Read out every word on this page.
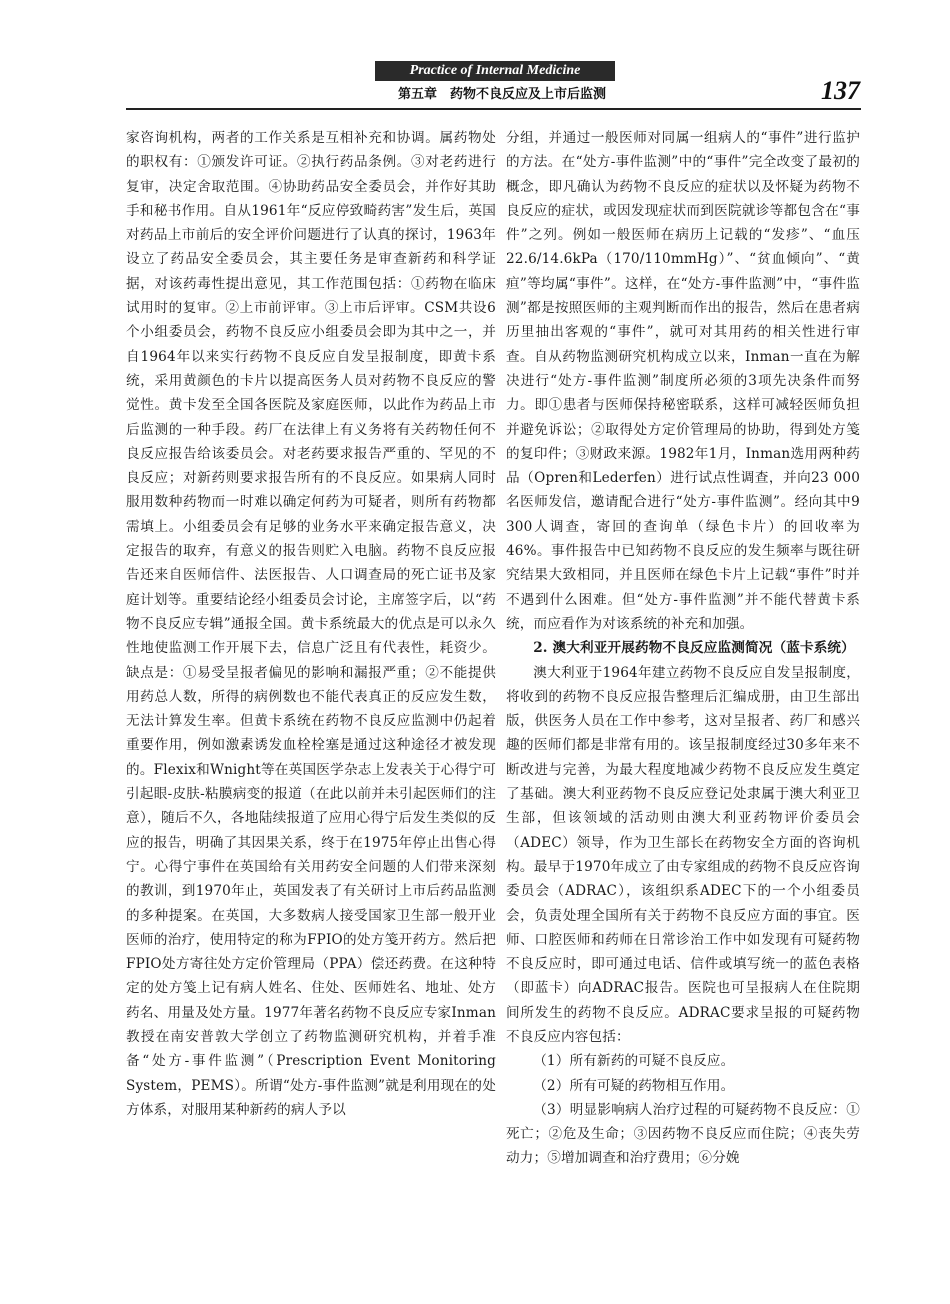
Practice of Internal Medicine
第五章　药物不良反应及上市后监测	137

家咨询机构，两者的工作关系是互相补充和协调。属药物处的职权有：①颁发许可证。②执行药品条例。③对老药进行复审，决定舍取范围。④协助药品安全委员会，并作好其助手和秘书作用。自从1961年“反应停致畸药害”发生后，英国对药品上市前后的安全评价问题进行了认真的探讨，1963年设立了药品安全委员会，其主要任务是审查新药和科学证据，对该药毒性提出意见，其工作范围包括：①药物在临床试用时的复审。②上市前评审。③上市后评审。CSM共设6个小组委员会，药物不良反应小组委员会即为其中之一，并自1964年以来实行药物不良反应自发呈报制度，即黄卡系统，采用黄颜色的卡片以提高医务人员对药物不良反应的警觉性。黄卡发至全国各医院及家庭医师，以此作为药品上市后监测的一种手段。药厂在法律上有义务将有关药物任何不良反应报告给该委员会。对老药要求报告严重的、罕见的不良反应；对新药则要求报告所有的不良反应。如果病人同时服用数种药物而一时难以确定何药为可疑者，则所有药物都需填上。小组委员会有足够的业务水平来确定报告意义，决定报告的取弃，有意义的报告则贮入电脑。药物不良反应报告还来自医师信件、法医报告、人口调查局的死亡证书及家庭计划等。重要结论经小组委员会讨论，主席签字后，以“药物不良反应专辑”通报全国。黄卡系统最大的优点是可以永久性地使监测工作开展下去，信息广泛且有代表性，耗资少。缺点是：①易受呈报者偏见的影响和漏报严重；②不能提供用药总人数，所得的病例数也不能代表真正的反应发生数，无法计算发生率。但黄卡系统在药物不良反应监测中仍起着重要作用，例如激素诱发血栓栓塞是通过这种途径才被发现的。Flexix和Wnight等在英国医学杂志上发表关于心得宁可引起眼-皮肤-粘膜病变的报道（在此以前并未引起医师们的注意），随后不久，各地陆续报道了应用心得宁后发生类似的反应的报告，明确了其因果关系，终于在1975年停止出售心得宁。心得宁事件在英国给有关用药安全问题的人们带来深刻的教训，到1970年止，英国发表了有关研讨上市后药品监测的多种提案。在英国，大多数病人接受国家卫生部一般开业医师的治疗，使用特定的称为FPIO的处方笺开药方。然后把FPIO处方寄往处方定价管理局（PPA）偿还药费。在这种特定的处方笺上记有病人姓名、住处、医师姓名、地址、处方药名、用量及处方量。1977年著名药物不良反应专家Inman教授在南安普敦大学创立了药物监测研究机构，并着手准备“处方-事件监测”（Prescription Event Monitoring System，PEMS）。所谓“处方-事件监测”就是利用现在的处方体系，对服用某种新药的病人予以

分组，并通过一般医师对同属一组病人的“事件”进行监护的方法。在“处方-事件监测”中的“事件”完全改变了最初的概念，即凡确认为药物不良反应的症状以及怀疑为药物不良反应的症状，或因发现症状而到医院就诊等都包含在“事件”之列。例如一般医师在病历上记载的“发疹”、“血压22.6/14.6kPa（170/110mmHg）”、“贫血倾向”、“黄疸”等均属“事件”。这样，在“处方-事件监测”中，“事件监测”都是按照医师的主观判断而作出的报告，然后在患者病历里抽出客观的“事件”，就可对其用药的相关性进行审查。自从药物监测研究机构成立以来，Inman一直在为解决进行“处方-事件监测”制度所必须的3项先决条件而努力。即①患者与医师保持秘密联系，这样可减轻医师负担并避免诉讼；②取得处方定价管理局的协助，得到处方笺的复印件；③财政来源。1982年1月，Inman选用两种药品（Opren和Lederfen）进行试点性调查，并向23 000名医师发信，邀请配合进行“处方-事件监测”。经向其中9 300人调查，寄回的查询单（绿色卡片）的回收率为46%。事件报告中已知药物不良反应的发生频率与既往研究结果大致相同，并且医师在绿色卡片上记载“事件”时并不遇到什么困难。但“处方-事件监测”并不能代替黄卡系统，而应看作为对该系统的补充和加强。

2. 澳大利亚开展药物不良反应监测简况（蓝卡系统）

澳大利亚于1964年建立药物不良反应自发呈报制度，将收到的药物不良反应报告整理后汇编成册，由卫生部出版，供医务人员在工作中参考，这对呈报者、药厂和感兴趣的医师们都是非常有用的。该呈报制度经过30多年来不断改进与完善，为最大程度地减少药物不良反应发生奠定了基础。澳大利亚药物不良反应登记处隶属于澳大利亚卫生部，但该领域的活动则由澳大利亚药物评价委员会（ADEC）领导，作为卫生部长在药物安全方面的咨询机构。最早于1970年成立了由专家组成的药物不良反应咨询委员会（ADRAC），该组织系ADEC下的一个小组委员会，负责处理全国所有关于药物不良反应方面的事宜。医师、口腔医师和药师在日常诊治工作中如发现有可疑药物不良反应时，即可通过电话、信件或填写统一的蓝色表格（即蓝卡）向ADRAC报告。医院也可呈报病人在住院期间所发生的药物不良反应。ADRAC要求呈报的可疑药物不良反应内容包括：

（1）所有新药的可疑不良反应。

（2）所有可疑的药物相互作用。

（3）明显影响病人治疗过程的可疑药物不良反应：①死亡；②危及生命；③因药物不良反应而住院；④丧失劳动力；⑤增加调查和治疗费用；⑥分娩
